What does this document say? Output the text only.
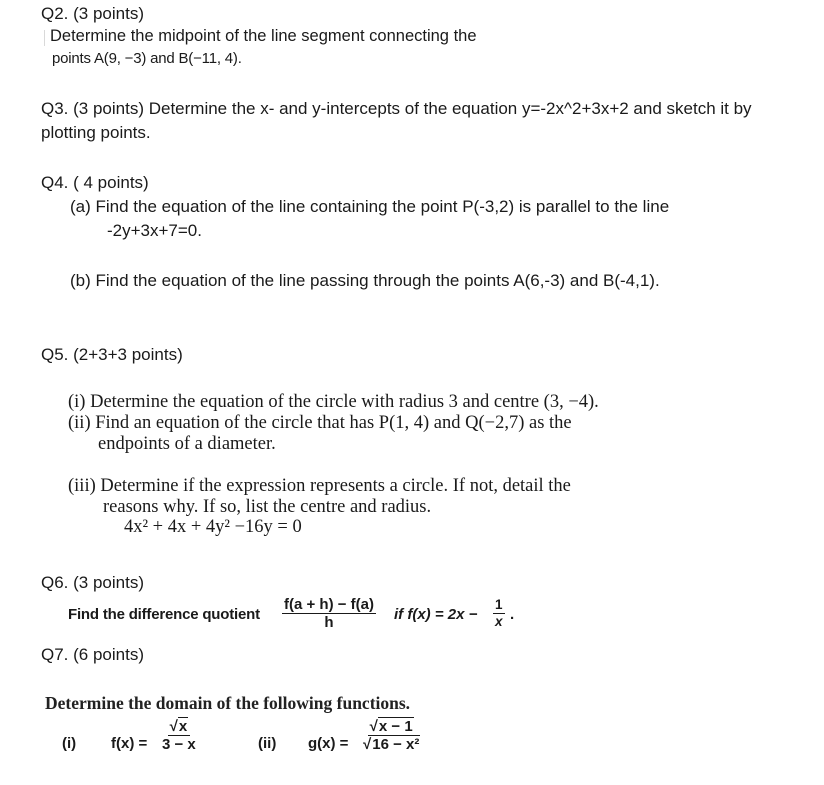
Q2. (3 points)
Determine the midpoint of the line segment connecting the
points A(9, −3) and B(−11, 4).
Q3. (3 points) Determine the x- and y-intercepts of the equation y=-2x^2+3x+2 and sketch it by
plotting points.
Q4. ( 4 points)
(a) Find the equation of the line containing the point P(-3,2) is parallel to the line
-2y+3x+7=0.
(b) Find the equation of the line passing through the points A(6,-3) and B(-4,1).
Q5. (2+3+3 points)
(i) Determine the equation of the circle with radius 3 and centre (3, −4).
(ii) Find an equation of the circle that has P(1, 4) and Q(−2,7) as the
endpoints of a diameter.
(iii) Determine if the expression represents a circle. If not, detail the
reasons why. If so, list the centre and radius.
4x² + 4x + 4y² −16y = 0
Q6. (3 points)
Find the difference quotient $\frac{f(a + h) - f(a)}{h}$ if $f(x) = 2x - \frac{1}{x}$ .
Q7. (6 points)
Determine the domain of the following functions.
(i) $f(x) = \frac{√x}{3 - x}$	(ii) $g(x) = \frac{√x - 1}{\text{√16 − x²}}$
